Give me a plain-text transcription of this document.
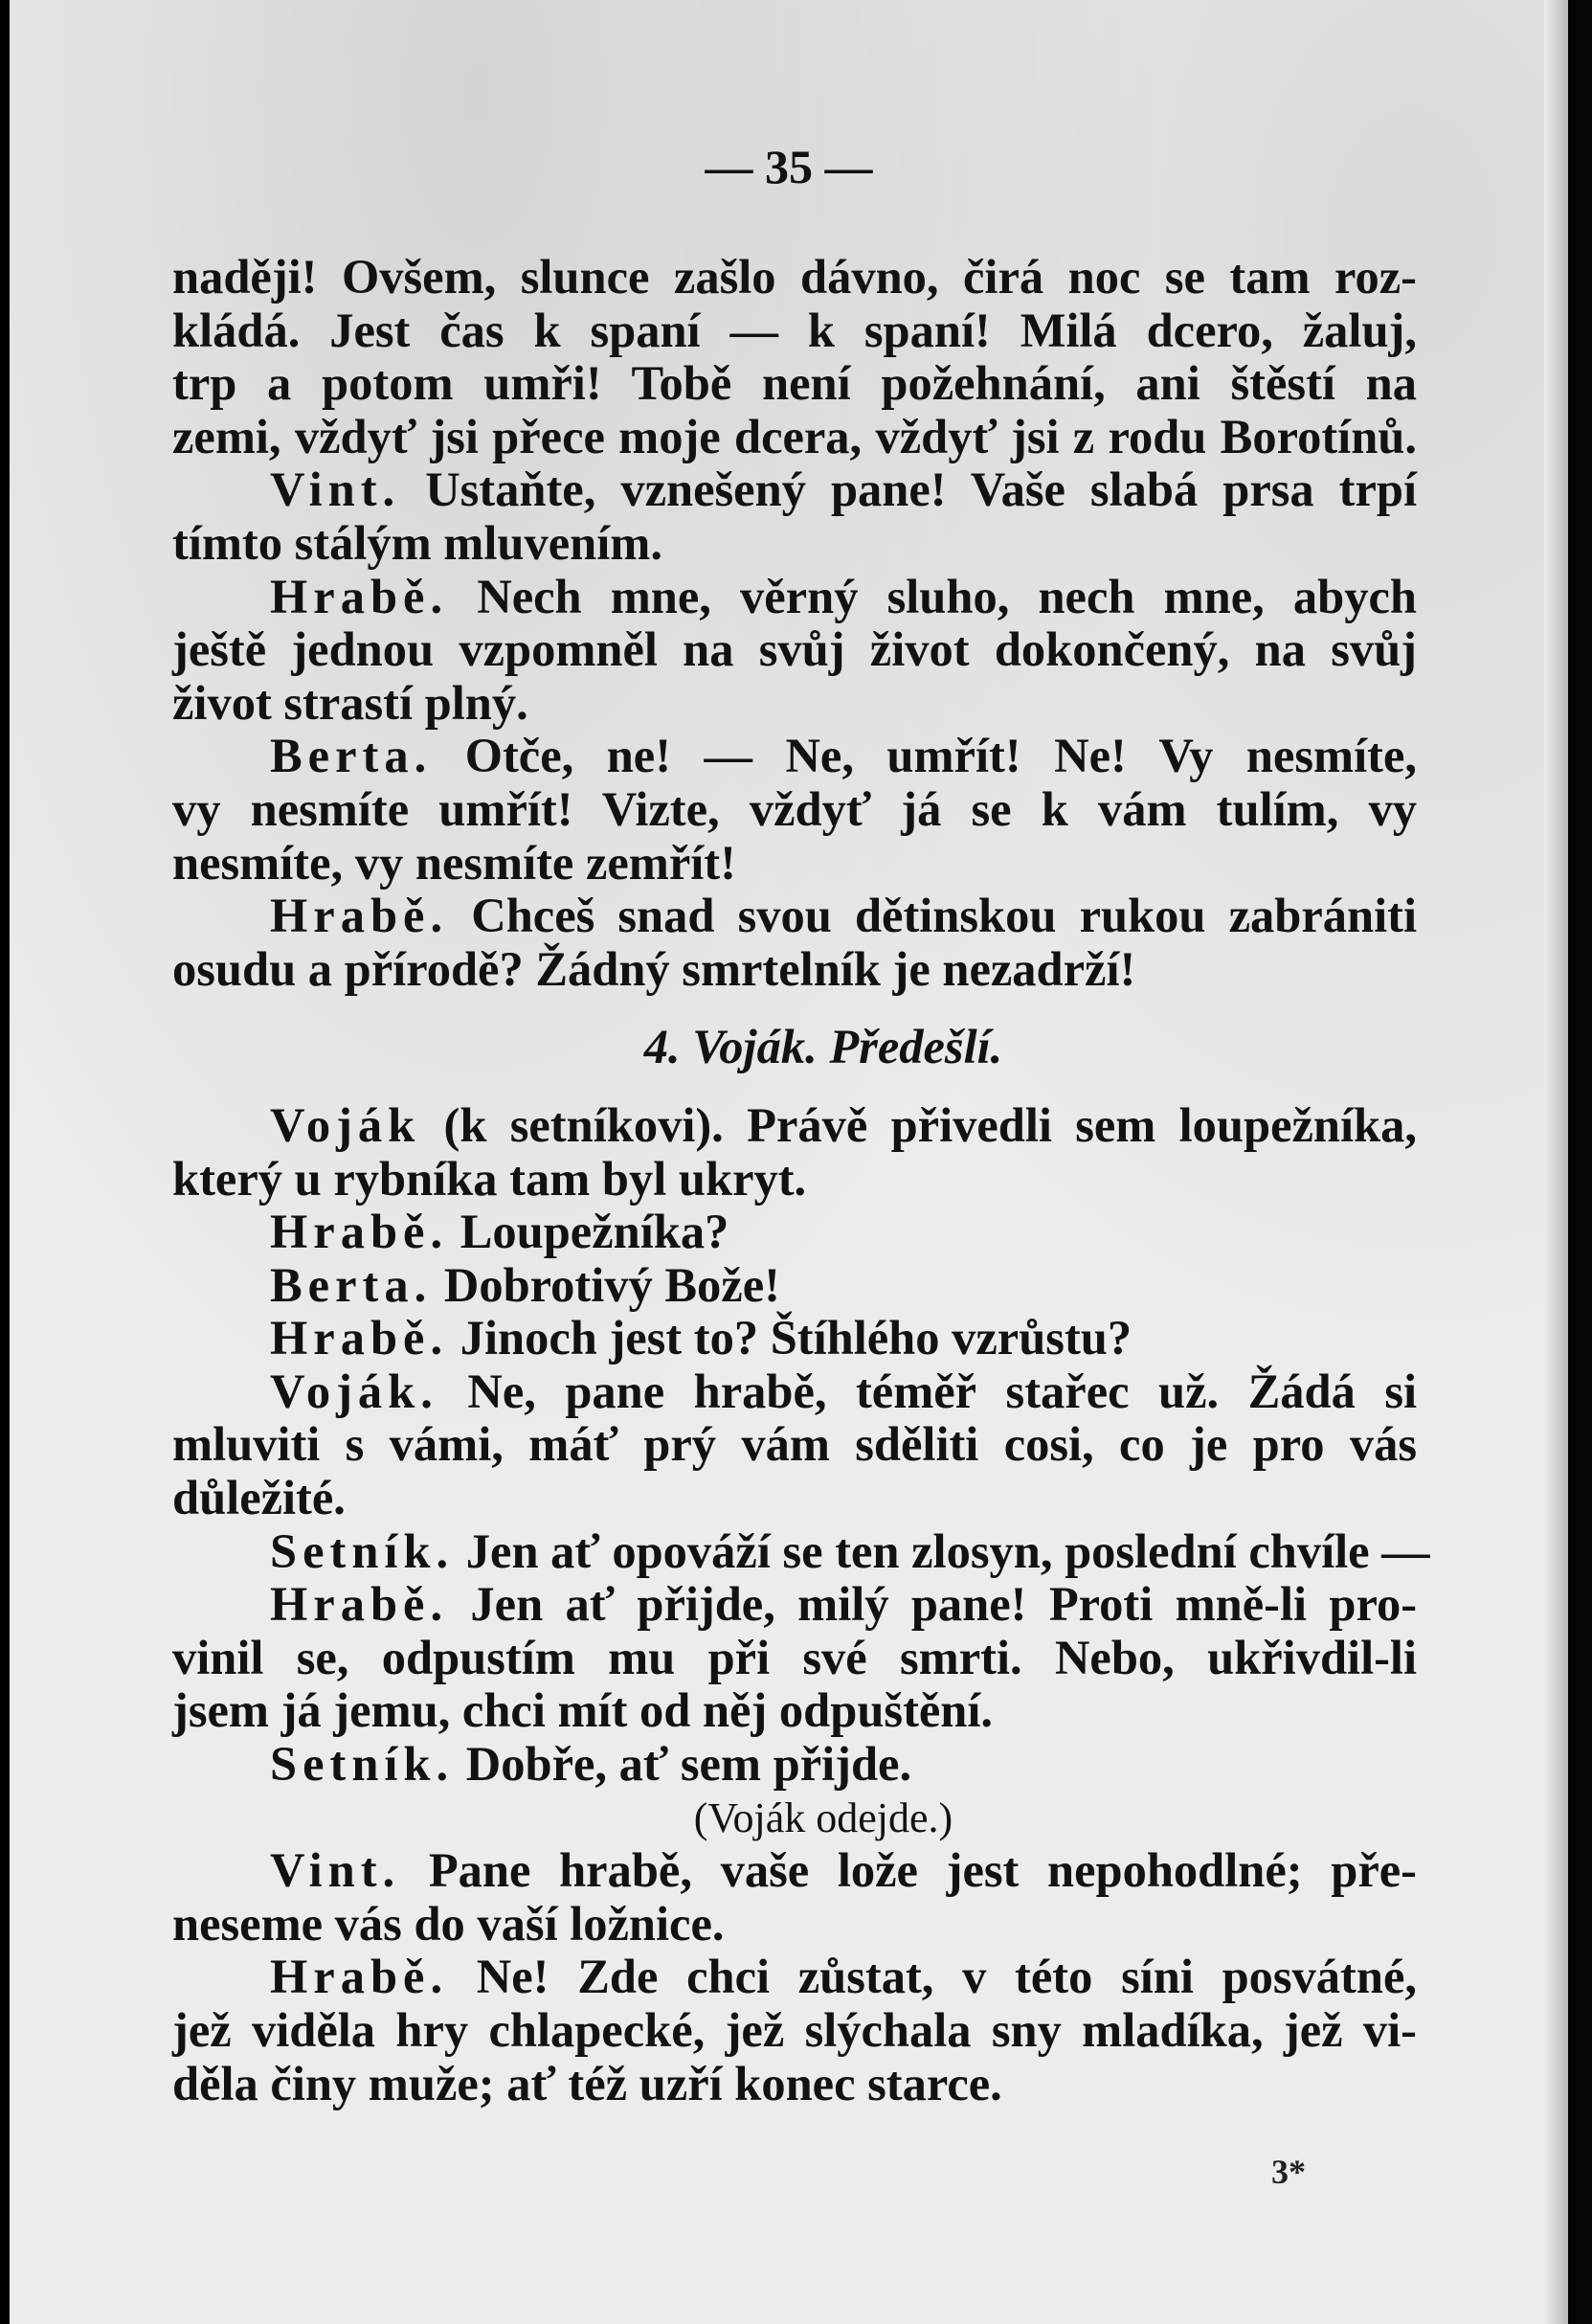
— 35 —
naději! Ovšem, slunce zašlo dávno, čirá noc se tam roz-
kládá. Jest čas k spaní — k spaní! Milá dcero, žaluj,
trp a potom umři! Tobě není požehnání, ani štěstí na
zemi, vždyť jsi přece moje dcera, vždyť jsi z rodu Borotínů.
Vint. Ustaňte, vznešený pane! Vaše slabá prsa trpí
tímto stálým mluvením.
Hrabě. Nech mne, věrný sluho, nech mne, abych
ještě jednou vzpomněl na svůj život dokončený, na svůj
život strastí plný.
Berta. Otče, ne! — Ne, umřít! Ne! Vy nesmíte,
vy nesmíte umřít! Vizte, vždyť já se k vám tulím, vy
nesmíte, vy nesmíte zemřít!
Hrabě. Chceš snad svou dětinskou rukou zabrániti
osudu a přírodě? Žádný smrtelník je nezadrží!
4. Voják. Předešlí.
Voják (k setníkovi). Právě přivedli sem loupežníka,
který u rybníka tam byl ukryt.
Hrabě. Loupežníka?
Berta. Dobrotivý Bože!
Hrabě. Jinoch jest to? Štíhlého vzrůstu?
Voják. Ne, pane hrabě, téměř stařec už. Žádá si
mluviti s vámi, máť prý vám sděliti cosi, co je pro vás
důležité.
Setník. Jen ať opováží se ten zlosyn, poslední chvíle —
Hrabě. Jen ať přijde, milý pane! Proti mně-li pro-
vinil se, odpustím mu při své smrti. Nebo, ukřivdil-li
jsem já jemu, chci mít od něj odpuštění.
Setník. Dobře, ať sem přijde.
(Voják odejde.)
Vint. Pane hrabě, vaše lože jest nepohodlné; pře-
neseme vás do vaší ložnice.
Hrabě. Ne! Zde chci zůstat, v této síni posvátné,
jež viděla hry chlapecké, jež slýchala sny mladíka, jež vi-
děla činy muže; ať též uzří konec starce.
3*
